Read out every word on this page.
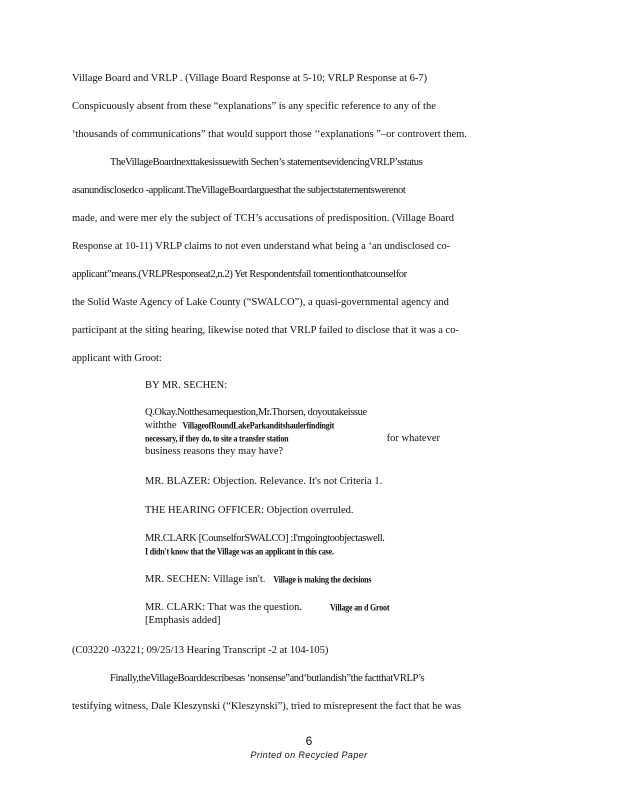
Village Board and VRLP . (Village Board Response at 5-10; VRLP Response at 6-7)
Conspicuously absent from these “explanations” is any specific reference to any of the
‘thousands of communications” that would support those ‘‘explanations ”–or controvert them.
TheVillageBoardnexttakesissuewith Sechen’s statementsevidencingVRLP’sstatus
asanundisclosedco -applicant.TheVillageBoardarguesthat the subjectstatementswerenot
made, and were mer ely the subject of TCH’s accusations of predisposition. (Village Board
Response at 10-11) VRLP claims to not even understand what being a ‘an undisclosed co-
applicant”means.(VRLPResponseat2,n.2) Yet Respondentsfail tomentionthatcounselfor
the Solid Waste Agency of Lake County (“SWALCO”), a quasi-governmental agency and
participant at the siting hearing, likewise noted that VRLP failed to disclose that it was a co-
applicant with Groot:
BY MR. SECHEN:
Q.Okay.Notthesamequestion,Mr.Thorsen, doyoutakeissue
withthe VillageofRoundLakeParkanditshaulerfindingit
necessary, if they do, to site a transfer station	for whatever
business reasons they may have?
MR. BLAZER: Objection. Relevance. It's not Criteria 1.
THE HEARING OFFICER: Objection overruled.
MR.CLARK [CounselforSWALCO] :I'mgoingtoobjectaswell.
I didn't know that the Village was an applicant in this case.
MR. SECHEN: Village isn't. Village is making the decisions
MR. CLARK: That was the question.	Village an d Groot
[Emphasis added]
(C03220 -03221; 09/25/13 Hearing Transcript -2 at 104-105)
Finally,theVillageBoarddescribesas ‘nonsense”and‘butlandish”the factthatVRLP’s
testifying witness, Dale Kleszynski (“Kleszynski”), tried to misrepresent the fact that he was
6
Printed on Recycled Paper
